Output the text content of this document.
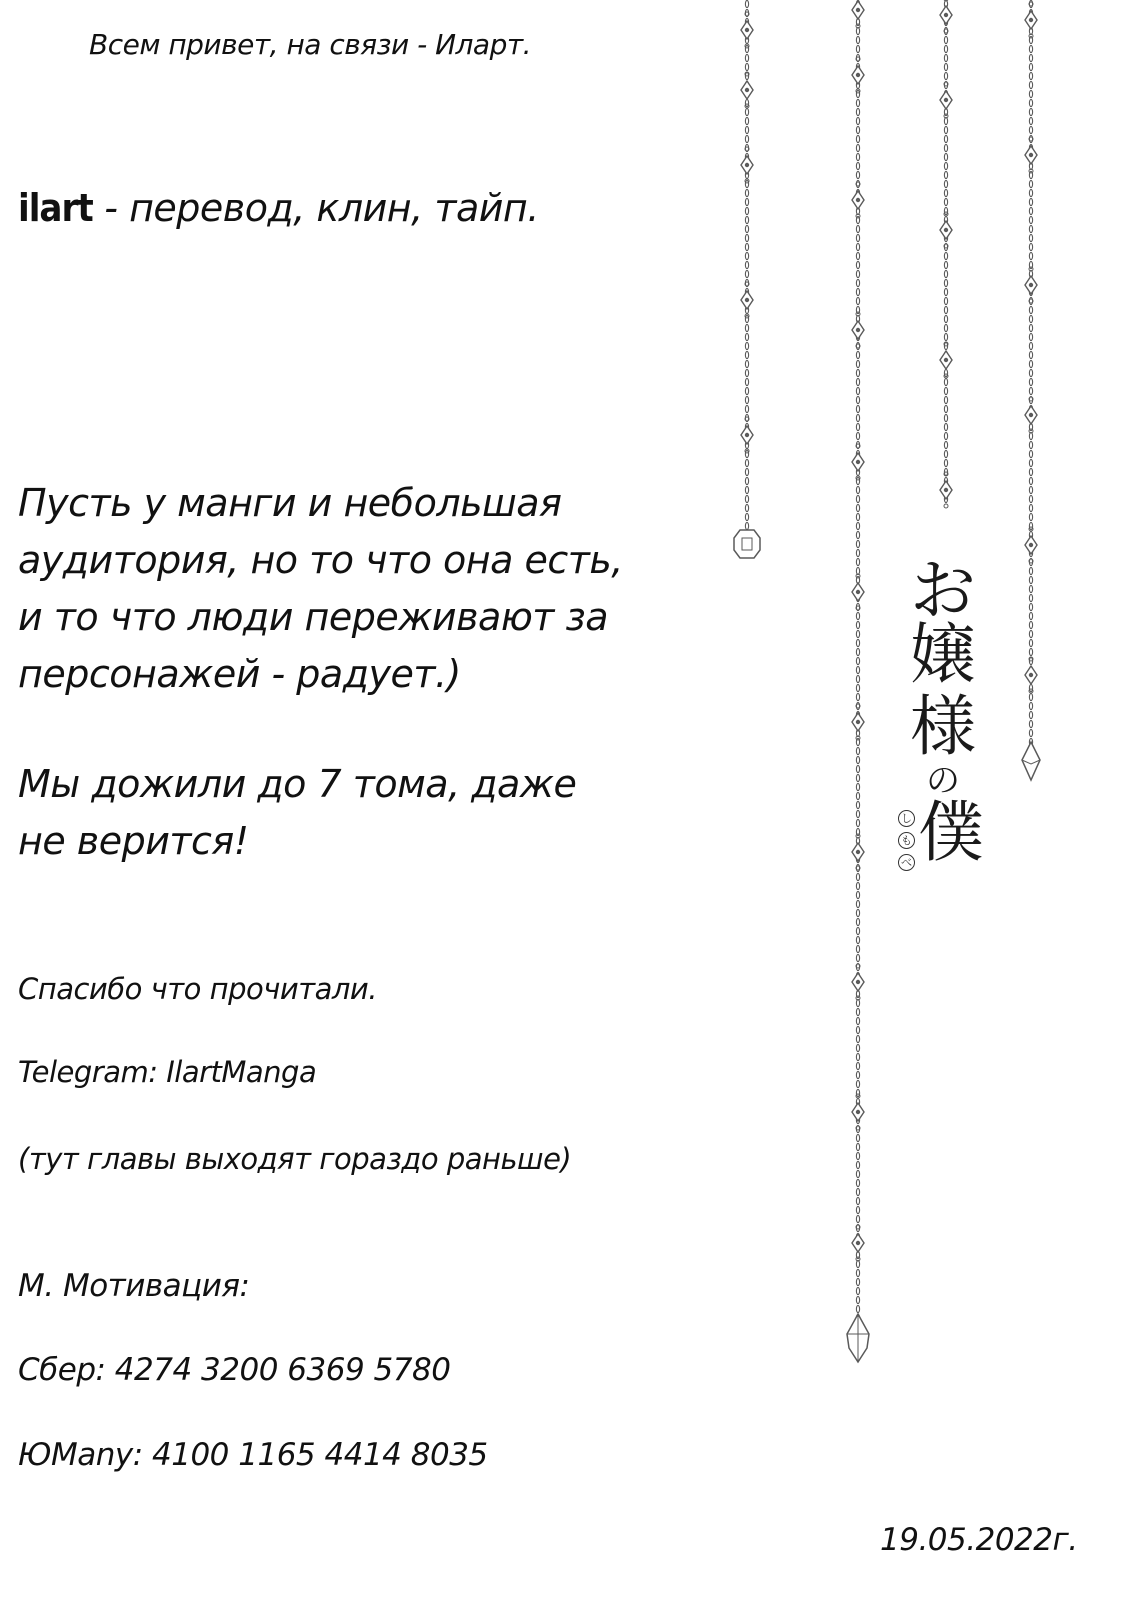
Всем привет, на связи - Иларт.

ilart - перевод, клин, тайп.

Пусть у манги и небольшая
аудитория, но то что она есть,
и то что люди переживают за
персонажей - радует.)
Мы дожили до 7 тома, даже
не верится!

Спасибо что прочитали.

Telegram: IlartManga

(тут главы выходят гораздо раньше)

М. Мотивация:

Сбер: 4274 3200 6369 5780

ЮMany: 4100 1165 4414 8035

19.05.2022г.

お
嬢
様
の
僕
し
も
べ
